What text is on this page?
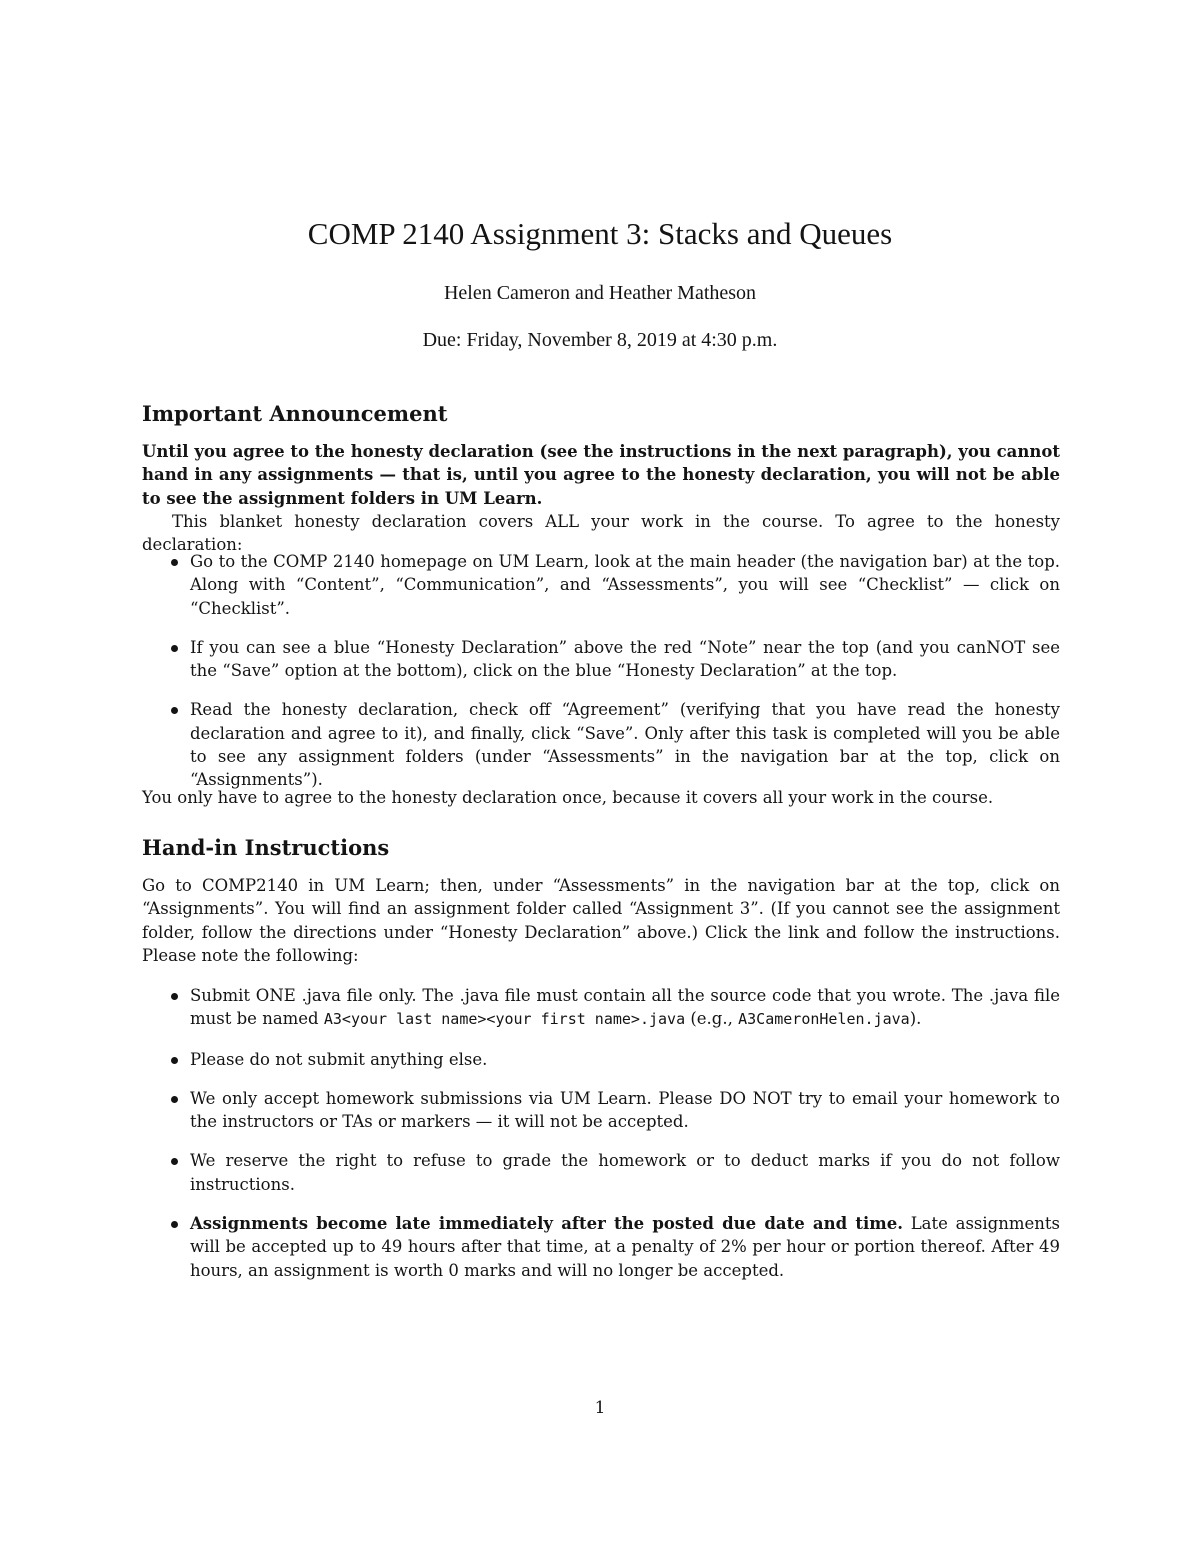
COMP 2140 Assignment 3: Stacks and Queues
Helen Cameron and Heather Matheson
Due: Friday, November 8, 2019 at 4:30 p.m.
Important Announcement
Until you agree to the honesty declaration (see the instructions in the next paragraph), you cannot hand in any assignments — that is, until you agree to the honesty declaration, you will not be able to see the assignment folders in UM Learn.
This blanket honesty declaration covers ALL your work in the course. To agree to the honesty declaration:
Go to the COMP 2140 homepage on UM Learn, look at the main header (the navigation bar) at the top. Along with “Content”, “Communication”, and “Assessments”, you will see “Checklist” — click on “Checklist”.
If you can see a blue “Honesty Declaration” above the red “Note” near the top (and you canNOT see the “Save” option at the bottom), click on the blue “Honesty Declaration” at the top.
Read the honesty declaration, check off “Agreement” (verifying that you have read the honesty declaration and agree to it), and finally, click “Save”. Only after this task is completed will you be able to see any assignment folders (under “Assessments” in the navigation bar at the top, click on “Assignments”).
You only have to agree to the honesty declaration once, because it covers all your work in the course.
Hand-in Instructions
Go to COMP2140 in UM Learn; then, under “Assessments” in the navigation bar at the top, click on “Assignments”. You will find an assignment folder called “Assignment 3”. (If you cannot see the assignment folder, follow the directions under “Honesty Declaration” above.) Click the link and follow the instructions. Please note the following:
Submit ONE .java file only. The .java file must contain all the source code that you wrote. The .java file must be named A3<your last name><your first name>.java (e.g., A3CameronHelen.java).
Please do not submit anything else.
We only accept homework submissions via UM Learn. Please DO NOT try to email your homework to the instructors or TAs or markers — it will not be accepted.
We reserve the right to refuse to grade the homework or to deduct marks if you do not follow instructions.
Assignments become late immediately after the posted due date and time. Late assignments will be accepted up to 49 hours after that time, at a penalty of 2% per hour or portion thereof. After 49 hours, an assignment is worth 0 marks and will no longer be accepted.
1
